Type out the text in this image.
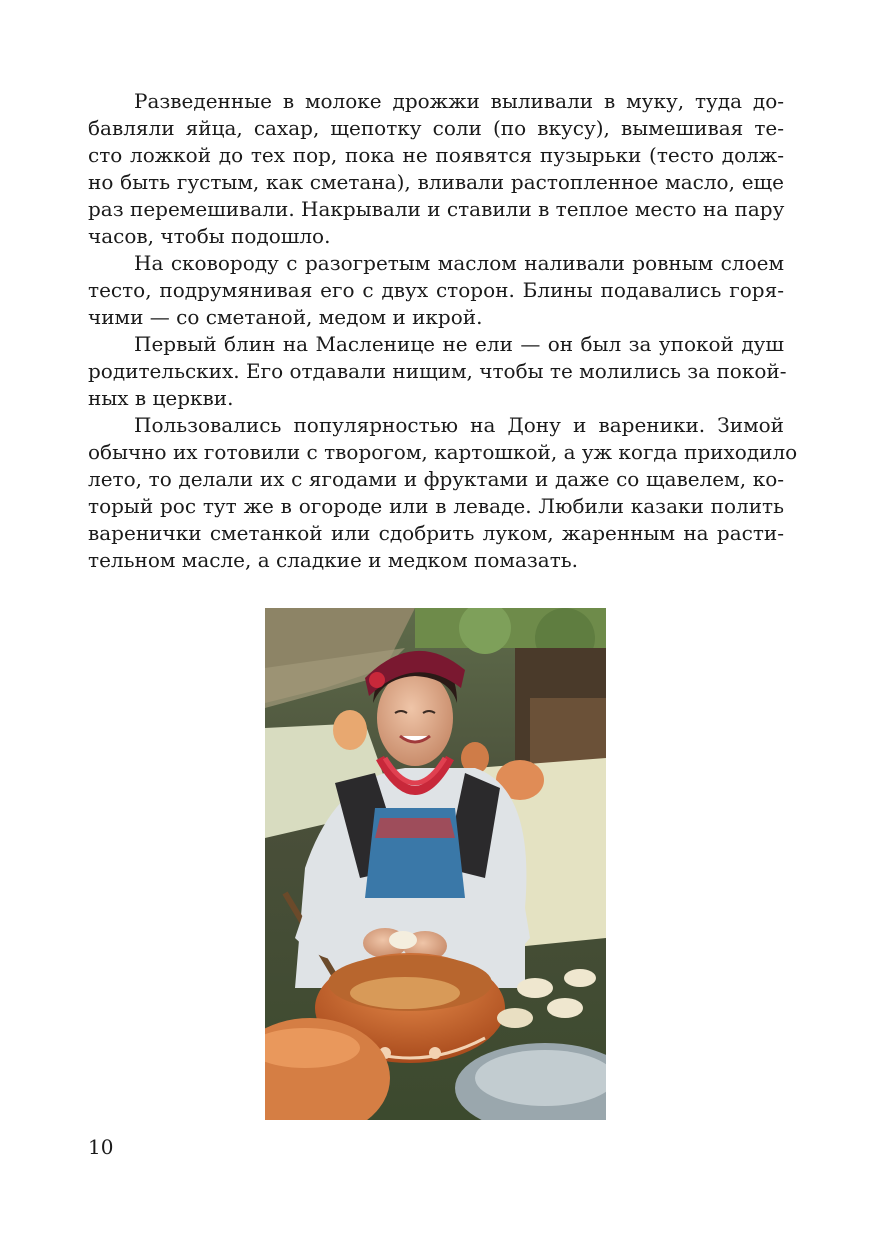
Разведенные в молоке дрожжи выливали в муку, туда до-
бавляли яйца, сахар, щепотку соли (по вкусу), вымешивая те-
сто ложкой до тех пор, пока не появятся пузырьки (тесто долж-
но быть густым, как сметана), вливали растопленное масло, еще
раз перемешивали. Накрывали и ставили в теплое место на пару
часов, чтобы подошло.

На сковороду с разогретым маслом наливали ровным слоем
тесто, подрумянивая его с двух сторон. Блины подавались горя-
чими — со сметаной, медом и икрой.

Первый блин на Масленице не ели — он был за упокой душ
родительских. Его отдавали нищим, чтобы те молились за покой-
ных в церкви.

Пользовались популярностью на Дону и вареники. Зимой
обычно их готовили с творогом, картошкой, а уж когда приходило
лето, то делали их с ягодами и фруктами и даже со щавелем, ко-
торый рос тут же в огороде или в леваде. Любили казаки полить
варенички сметанкой или сдобрить луком, жаренным на расти-
тельном масле, а сладкие и медком помазать.

10
